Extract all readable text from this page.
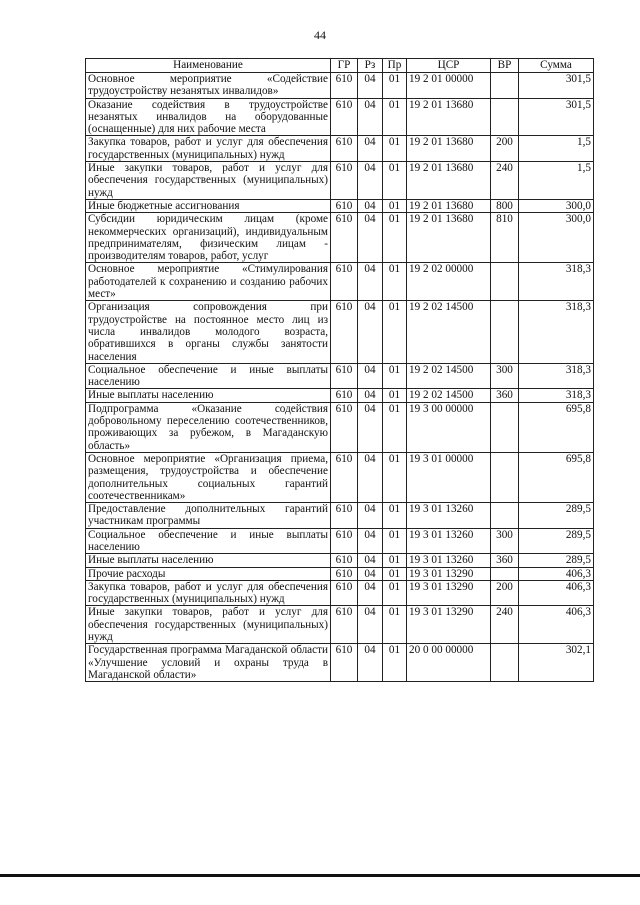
44
Наименование	ГР	Рз	Пр	ЦСР	ВР	Сумма
Основное мероприятие «Содействие трудоустройству незанятых инвалидов»	610	04	01	19 2 01 00000		301,5
Оказание содействия в трудоустройстве незанятых инвалидов на оборудованные (оснащенные) для них рабочие места	610	04	01	19 2 01 13680		301,5
Закупка товаров, работ и услуг для обеспечения государственных (муниципальных) нужд	610	04	01	19 2 01 13680	200	1,5
Иные закупки товаров, работ и услуг для обеспечения государственных (муниципальных) нужд	610	04	01	19 2 01 13680	240	1,5
Иные бюджетные ассигнования	610	04	01	19 2 01 13680	800	300,0
Субсидии юридическим лицам (кроме некоммерческих организаций), индивидуальным предпринимателям, физическим лицам - производителям товаров, работ, услуг	610	04	01	19 2 01 13680	810	300,0
Основное мероприятие «Стимулирования работодателей к сохранению и созданию рабочих мест»	610	04	01	19 2 02 00000		318,3
Организация сопровождения при трудоустройстве на постоянное место лиц из числа инвалидов молодого возраста, обратившихся в органы службы занятости населения	610	04	01	19 2 02 14500		318,3
Социальное обеспечение и иные выплаты населению	610	04	01	19 2 02 14500	300	318,3
Иные выплаты населению	610	04	01	19 2 02 14500	360	318,3
Подпрограмма «Оказание содействия добровольному переселению соотечественников, проживающих за рубежом, в Магаданскую область»	610	04	01	19 3 00 00000		695,8
Основное мероприятие «Организация приема, размещения, трудоустройства и обеспечение дополнительных социальных гарантий соотечественникам»	610	04	01	19 3 01 00000		695,8
Предоставление дополнительных гарантий участникам программы	610	04	01	19 3 01 13260		289,5
Социальное обеспечение и иные выплаты населению	610	04	01	19 3 01 13260	300	289,5
Иные выплаты населению	610	04	01	19 3 01 13260	360	289,5
Прочие расходы	610	04	01	19 3 01 13290		406,3
Закупка товаров, работ и услуг для обеспечения государственных (муниципальных) нужд	610	04	01	19 3 01 13290	200	406,3
Иные закупки товаров, работ и услуг для обеспечения государственных (муниципальных) нужд	610	04	01	19 3 01 13290	240	406,3
Государственная программа Магаданской области «Улучшение условий и охраны труда в Магаданской области»	610	04	01	20 0 00 00000		302,1
